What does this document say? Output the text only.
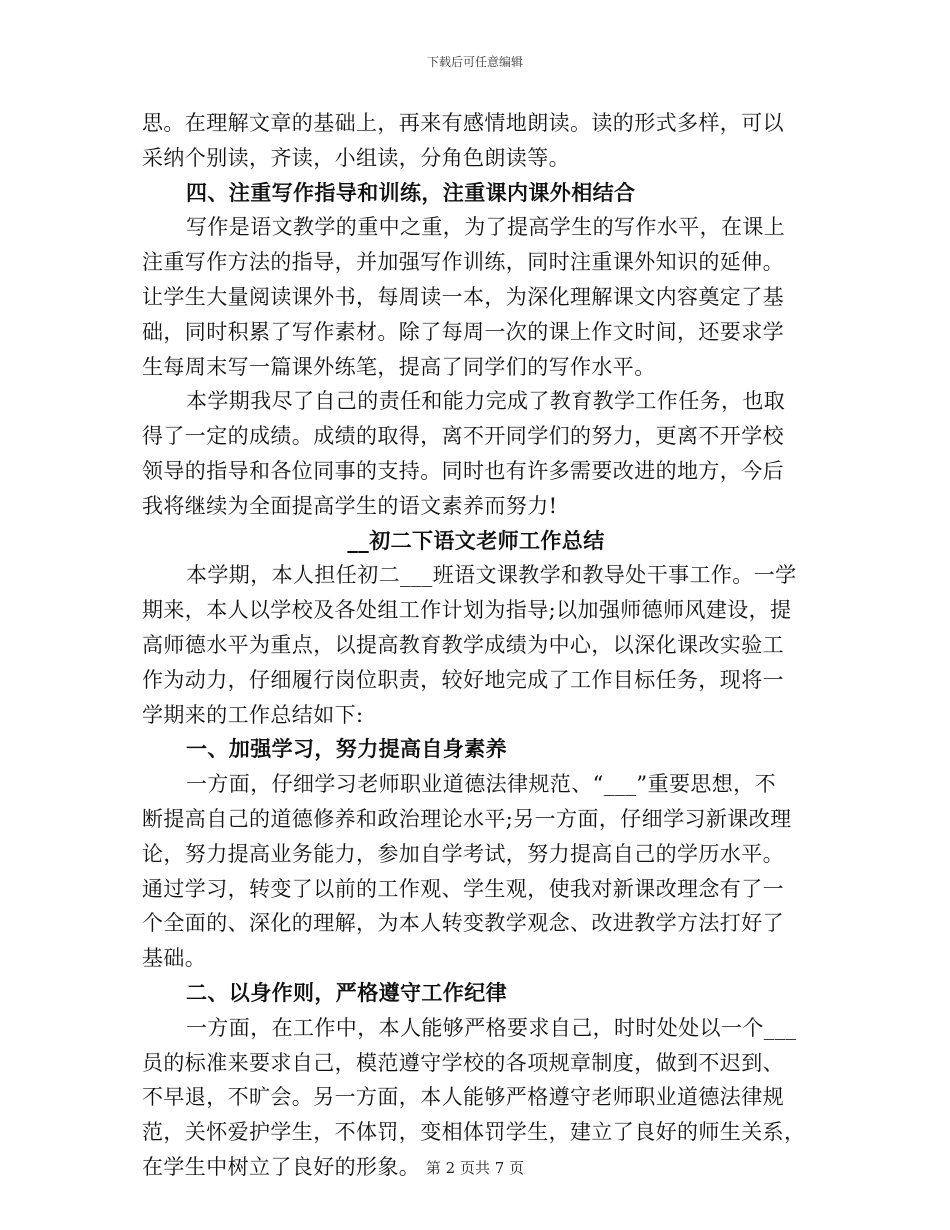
下载后可任意编辑
思。在理解文章的基础上，再来有感情地朗读。读的形式多样，可以
采纳个别读，齐读，小组读，分角色朗读等。
四、注重写作指导和训练，注重课内课外相结合
写作是语文教学的重中之重，为了提高学生的写作水平，在课上
注重写作方法的指导，并加强写作训练，同时注重课外知识的延伸。
让学生大量阅读课外书，每周读一本，为深化理解课文内容奠定了基
础，同时积累了写作素材。除了每周一次的课上作文时间，还要求学
生每周末写一篇课外练笔，提高了同学们的写作水平。
本学期我尽了自己的责任和能力完成了教育教学工作任务，也取
得了一定的成绩。成绩的取得，离不开同学们的努力，更离不开学校
领导的指导和各位同事的支持。同时也有许多需要改进的地方，今后
我将继续为全面提高学生的语文素养而努力!
__初二下语文老师工作总结
本学期，本人担任初二___班语文课教学和教导处干事工作。一学
期来，本人以学校及各处组工作计划为指导;以加强师德师风建设，提
高师德水平为重点，以提高教育教学成绩为中心，以深化课改实验工
作为动力，仔细履行岗位职责，较好地完成了工作目标任务，现将一
学期来的工作总结如下:
一、加强学习，努力提高自身素养
一方面，仔细学习老师职业道德法律规范、“___”重要思想，不
断提高自己的道德修养和政治理论水平;另一方面，仔细学习新课改理
论，努力提高业务能力，参加自学考试，努力提高自己的学历水平。
通过学习，转变了以前的工作观、学生观，使我对新课改理念有了一
个全面的、深化的理解，为本人转变教学观念、改进教学方法打好了
基础。
二、以身作则，严格遵守工作纪律
一方面，在工作中，本人能够严格要求自己，时时处处以一个___
员的标准来要求自己，模范遵守学校的各项规章制度，做到不迟到、
不早退，不旷会。另一方面，本人能够严格遵守老师职业道德法律规
范，关怀爱护学生，不体罚，变相体罚学生，建立了良好的师生关系，
在学生中树立了良好的形象。 第 2 页共 7 页
